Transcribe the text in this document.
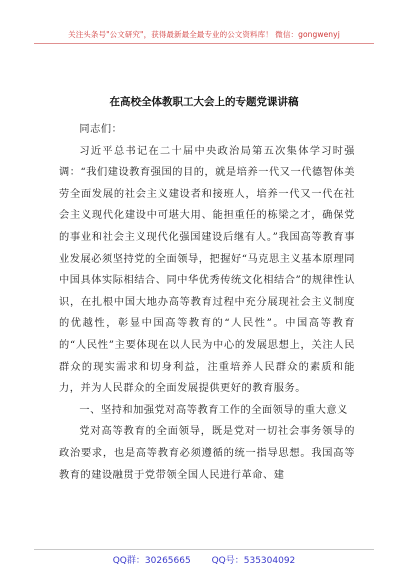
关注头条号"公文研究"，获得最新最全最专业的公文资料库！ 微信：gongwenyj
在高校全体教职工大会上的专题党课讲稿

同志们：

习近平总书记在二十届中央政治局第五次集体学习时强调：“我们建设教育强国的目的，就是培养一代又一代德智体美劳全面发展的社会主义建设者和接班人，培养一代又一代在社会主义现代化建设中可堪大用、能担重任的栋梁之才，确保党的事业和社会主义现代化强国建设后继有人。”我国高等教育事业发展必须坚持党的全面领导，把握好“马克思主义基本原理同中国具体实际相结合、同中华优秀传统文化相结合”的规律性认识，在扎根中国大地办高等教育过程中充分展现社会主义制度的优越性，彰显中国高等教育的“人民性”。中国高等教育的“人民性”主要体现在以人民为中心的发展思想上，关注人民群众的现实需求和切身利益，注重培养人民群众的素质和能力，并为人民群众的全面发展提供更好的教育服务。

一、坚持和加强党对高等教育工作的全面领导的重大意义

党对高等教育的全面领导，既是党对一切社会事务领导的政治要求，也是高等教育必须遵循的统一指导思想。我国高等教育的建设融贯于党带领全国人民进行革命、建

QQ群：30265665 QQ号：535304092
